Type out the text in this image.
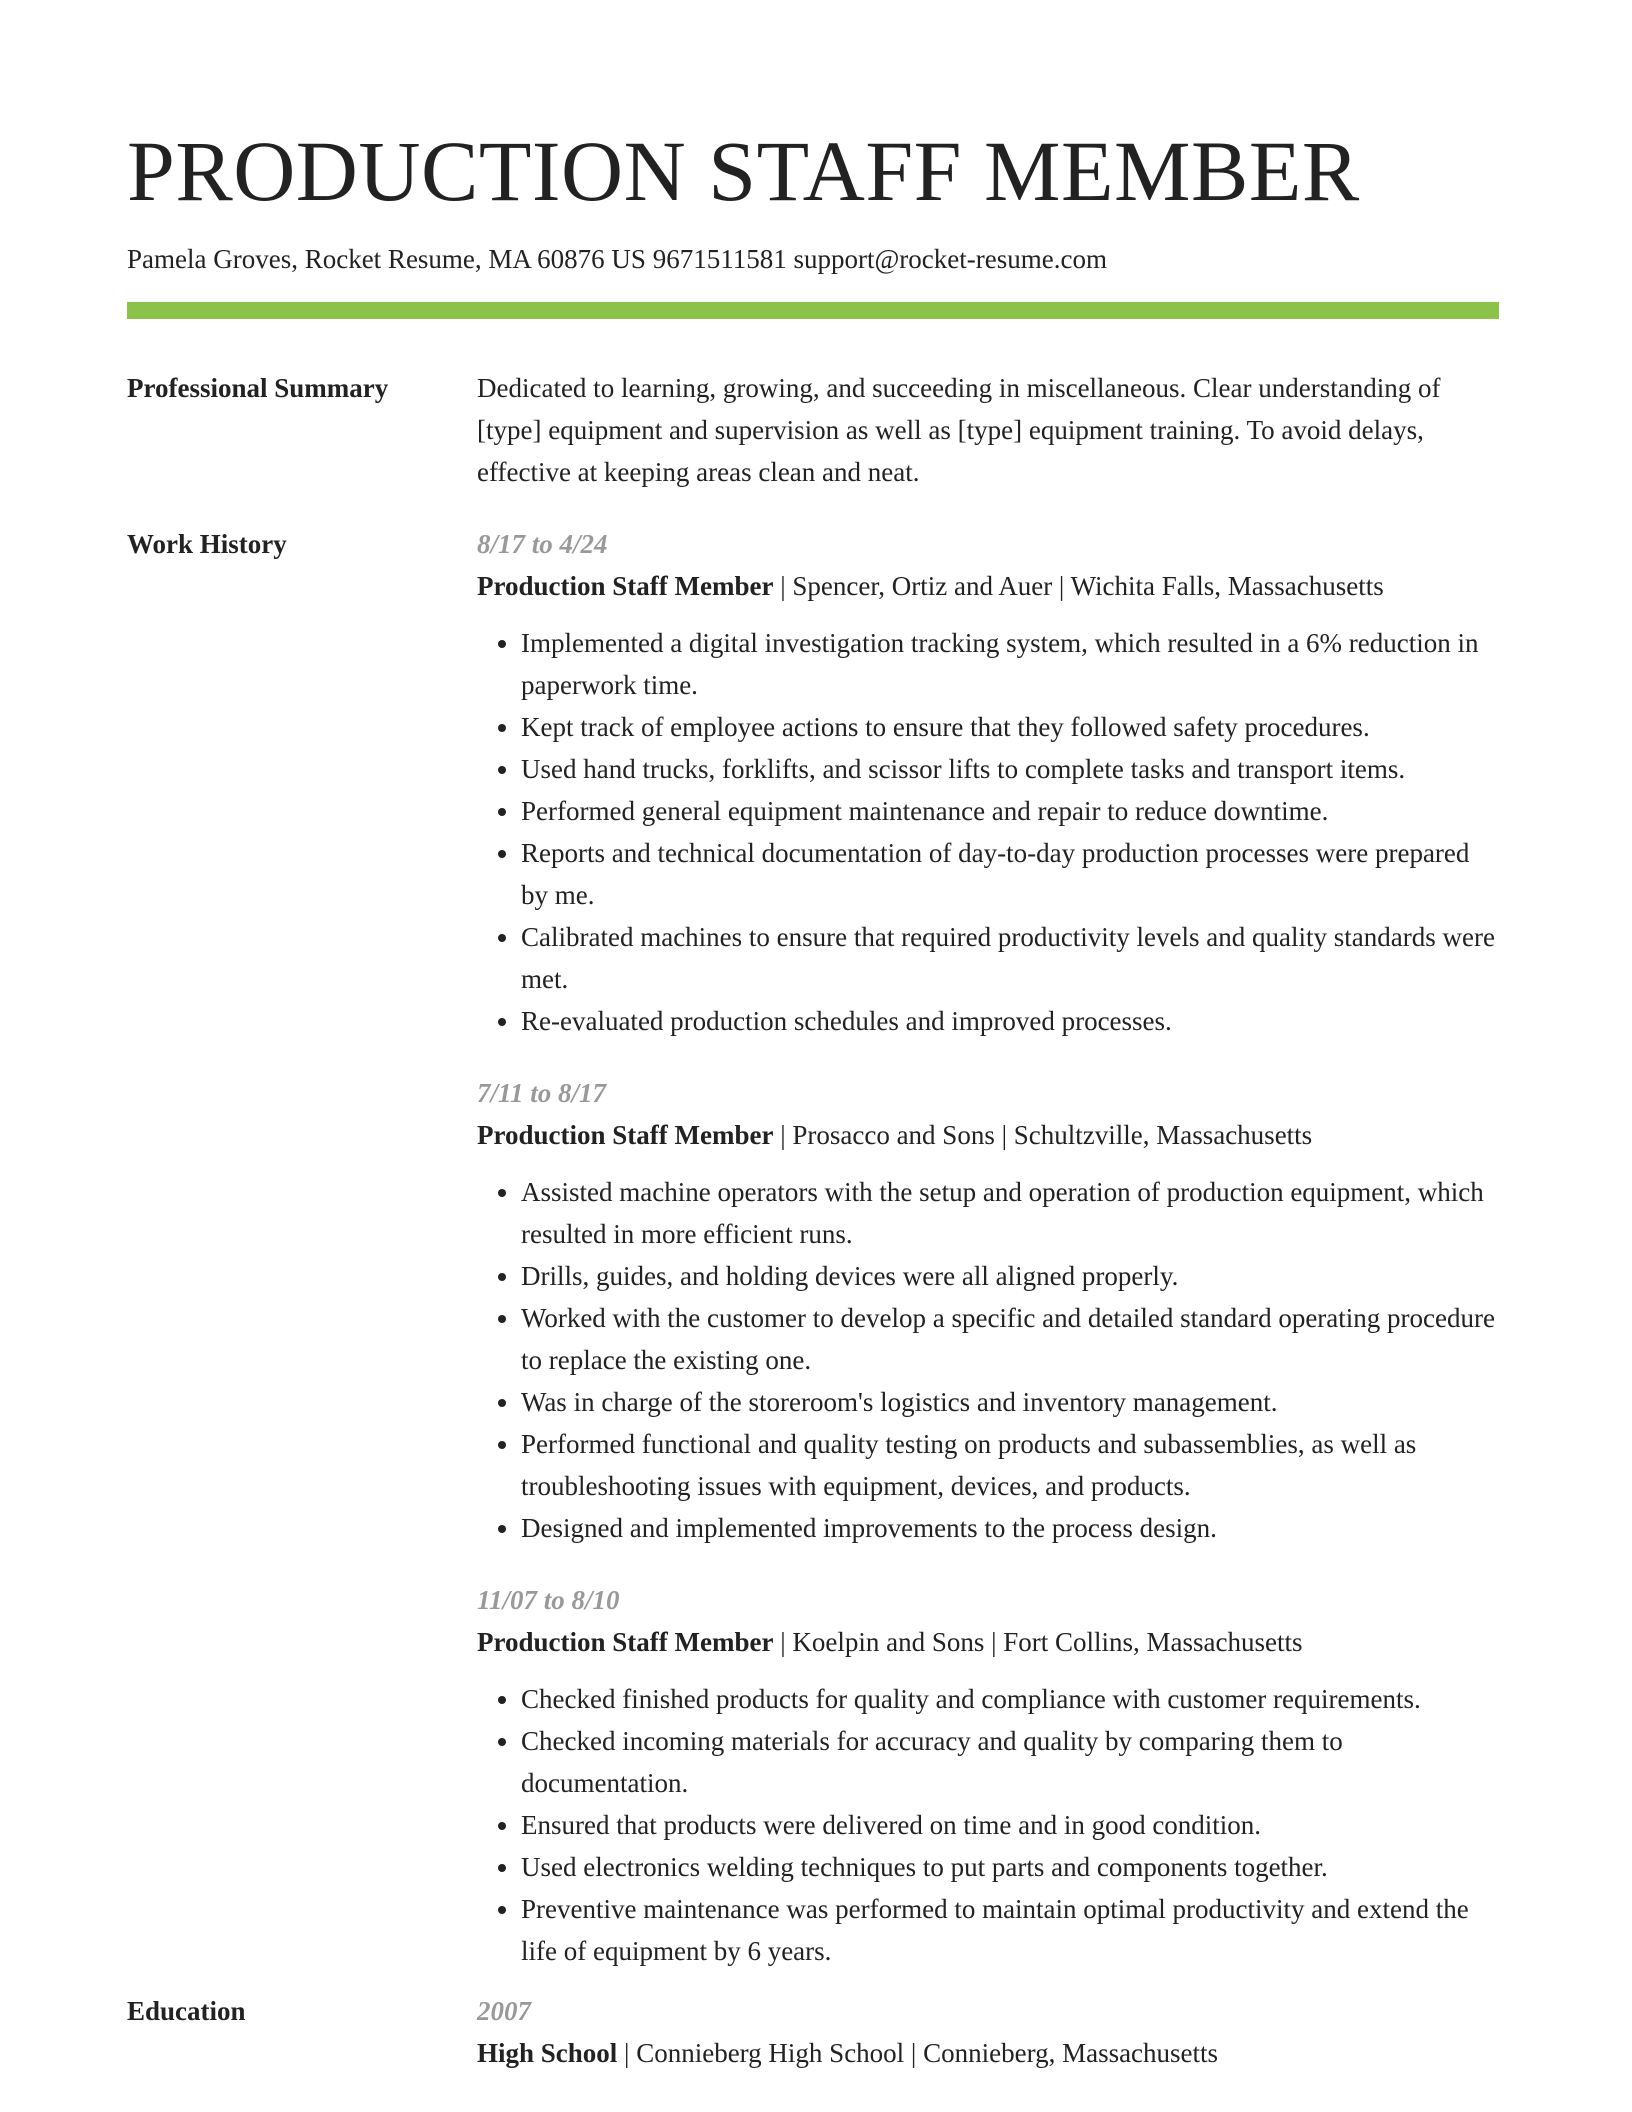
PRODUCTION STAFF MEMBER
Pamela Groves, Rocket Resume, MA 60876 US 9671511581 support@rocket-resume.com
Professional Summary	Dedicated to learning, growing, and succeeding in miscellaneous. Clear understanding of [type] equipment and supervision as well as [type] equipment training. To avoid delays, effective at keeping areas clean and neat.
Work History	8/17 to 4/24
Production Staff Member | Spencer, Ortiz and Auer | Wichita Falls, Massachusetts
• Implemented a digital investigation tracking system, which resulted in a 6% reduction in paperwork time.
• Kept track of employee actions to ensure that they followed safety procedures.
• Used hand trucks, forklifts, and scissor lifts to complete tasks and transport items.
• Performed general equipment maintenance and repair to reduce downtime.
• Reports and technical documentation of day-to-day production processes were prepared by me.
• Calibrated machines to ensure that required productivity levels and quality standards were met.
• Re-evaluated production schedules and improved processes.
7/11 to 8/17
Production Staff Member | Prosacco and Sons | Schultzville, Massachusetts
• Assisted machine operators with the setup and operation of production equipment, which resulted in more efficient runs.
• Drills, guides, and holding devices were all aligned properly.
• Worked with the customer to develop a specific and detailed standard operating procedure to replace the existing one.
• Was in charge of the storeroom's logistics and inventory management.
• Performed functional and quality testing on products and subassemblies, as well as troubleshooting issues with equipment, devices, and products.
• Designed and implemented improvements to the process design.
11/07 to 8/10
Production Staff Member | Koelpin and Sons | Fort Collins, Massachusetts
• Checked finished products for quality and compliance with customer requirements.
• Checked incoming materials for accuracy and quality by comparing them to documentation.
• Ensured that products were delivered on time and in good condition.
• Used electronics welding techniques to put parts and components together.
• Preventive maintenance was performed to maintain optimal productivity and extend the life of equipment by 6 years.
Education	2007
High School | Connieberg High School | Connieberg, Massachusetts
